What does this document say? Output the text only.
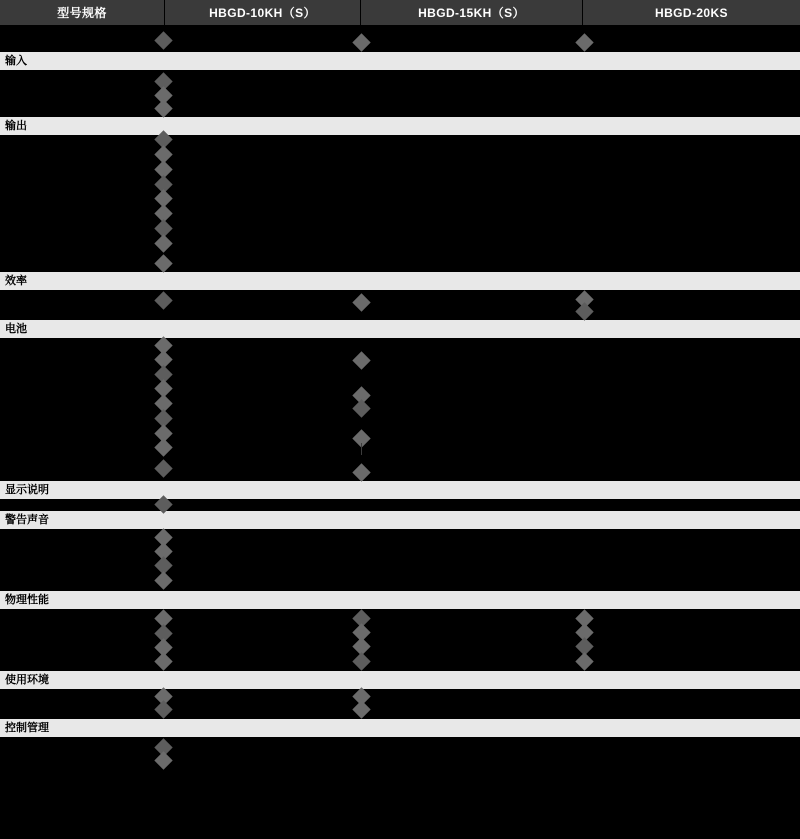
型号规格	HBGD-10KH（S）	HBGD-15KH（S）	HBGD-20KS
输入
输出
效率
电池
显示说明
警告声音
物理性能
使用环境
控制管理
